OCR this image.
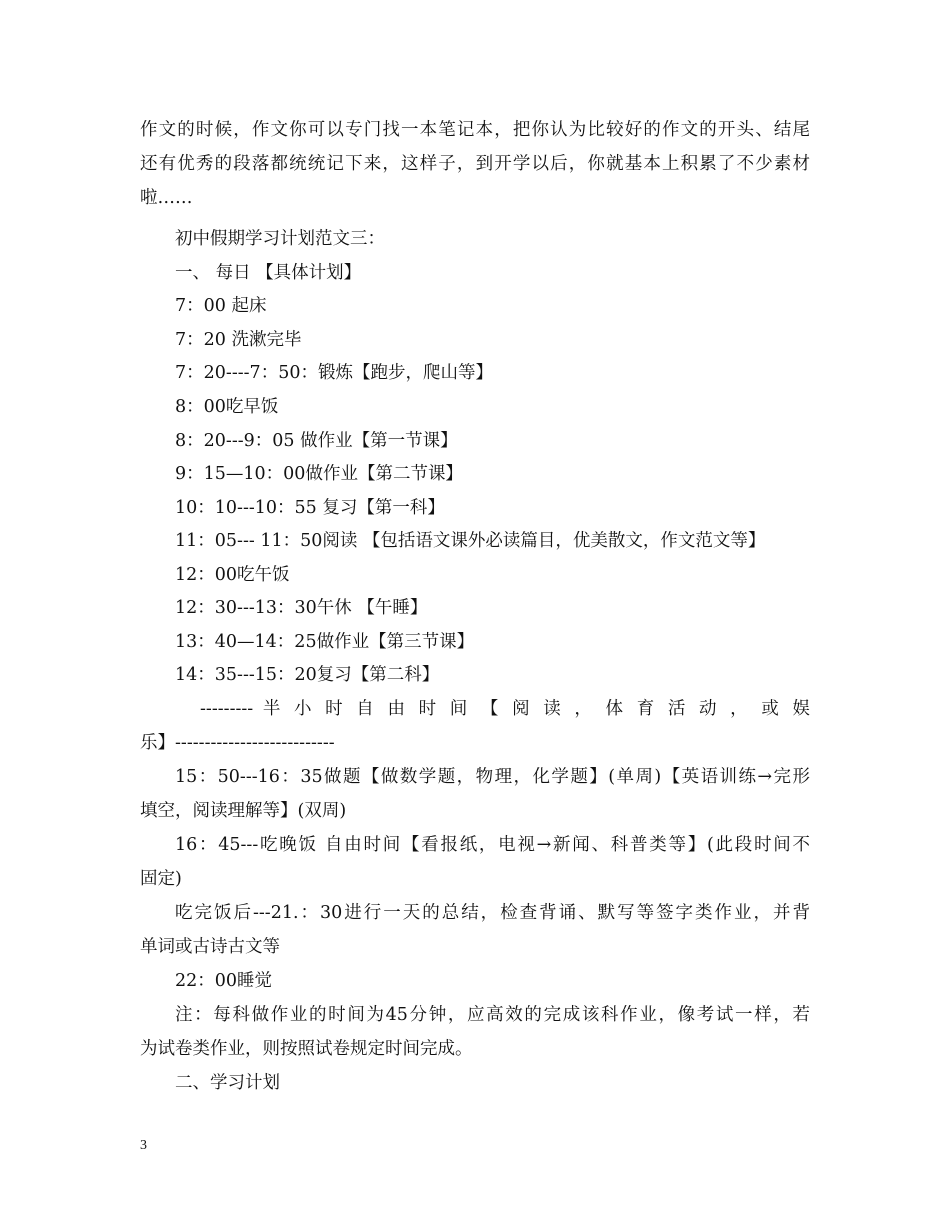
作文的时候，作文你可以专门找一本笔记本，把你认为比较好的作文的开头、结尾

还有优秀的段落都统统记下来，这样子，到开学以后，你就基本上积累了不少素材

啦……

初中假期学习计划范文三：

一、 每日 【具体计划】

7：00 起床

7：20 洗漱完毕

7：20----7：50：锻炼【跑步，爬山等】

8：00吃早饭

8：20---9：05 做作业【第一节课】

9：15—10：00做作业【第二节课】

10：10---10：55 复习【第一科】

11：05--- 11：50阅读 【包括语文课外必读篇目，优美散文，作文范文等】

12：00吃午饭

12：30---13：30午休 【午睡】

13：40—14：25做作业【第三节课】

14：35---15：20复习【第二科】

--------- 半 小 时 自 由 时 间 【 阅 读 ， 体 育 活 动 ， 或 娱

乐】---------------------------

15：50---16：35做题【做数学题，物理，化学题】(单周)【英语训练→完形

填空，阅读理解等】(双周)

16：45---吃晚饭 自由时间【看报纸，电视→新闻、科普类等】(此段时间不

固定)

吃完饭后---21.：30进行一天的总结，检查背诵、默写等签字类作业，并背

单词或古诗古文等

22：00睡觉

注：每科做作业的时间为45分钟，应高效的完成该科作业，像考试一样，若

为试卷类作业，则按照试卷规定时间完成。

二、学习计划

3
